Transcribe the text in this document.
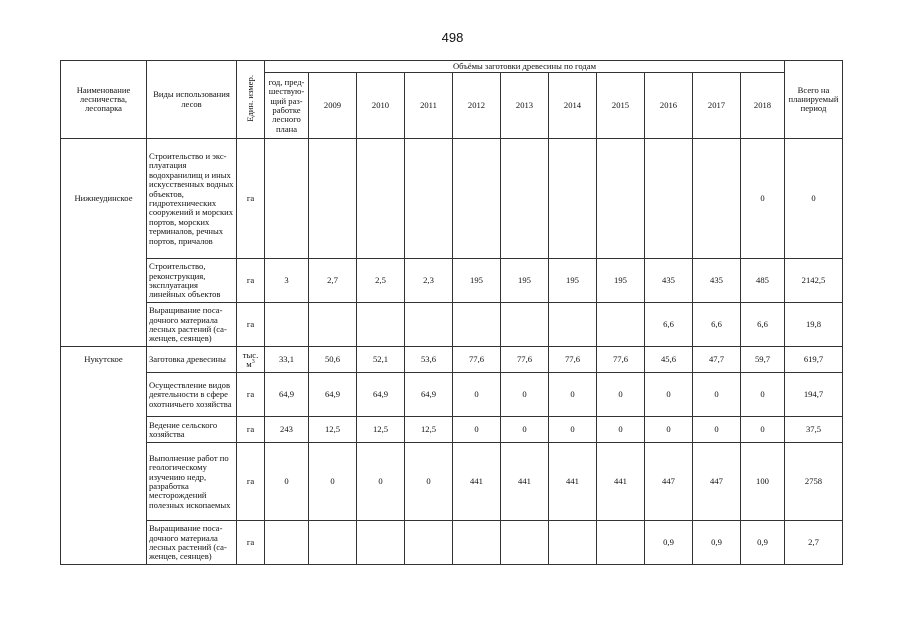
498
Наименование лесничества, лесопарка	Виды использования лесов	Един. измер.	Объёмы заготовки древесины по годам											Всего на планируемый период
			год, пред-шествую-щий раз-работке лесного плана	2009	2010	2011	2012	2013	2014	2015	2016	2017	2018	
Нижнеудинское	Строительство и экс-плуатация водохранилищ и иных искусственных водных объектов, гидротехнических сооружений и морских портов, морских терминалов, речных портов, причалов	га											0	0
	Строительство, реконструкция, эксплуатация линейных объектов	га	3	2,7	2,5	2,3	195	195	195	195	435	435	485	2142,5
	Выращивание поса-дочного материала лесных растений (са-женцев, сеянцев)	га									6,6	6,6	6,6	19,8
Нукутское	Заготовка древесины	тыс. $м^3$	33,1	50,6	52,1	53,6	77,6	77,6	77,6	77,6	45,6	47,7	59,7	619,7
	Осуществление видов деятельности в сфере охотничьего хозяйства	га	64,9	64,9	64,9	64,9	0	0	0	0	0	0	0	194,7
	Ведение сельского хозяйства	га	243	12,5	12,5	12,5	0	0	0	0	0	0	0	37,5
	Выполнение работ по геологическому изучению недр, разработка месторождений полезных ископаемых	га	0	0	0	0	441	441	441	441	447	447	100	2758
	Выращивание поса-дочного материала лесных растений (са-женцев, сеянцев)	га									0,9	0,9	0,9	2,7
